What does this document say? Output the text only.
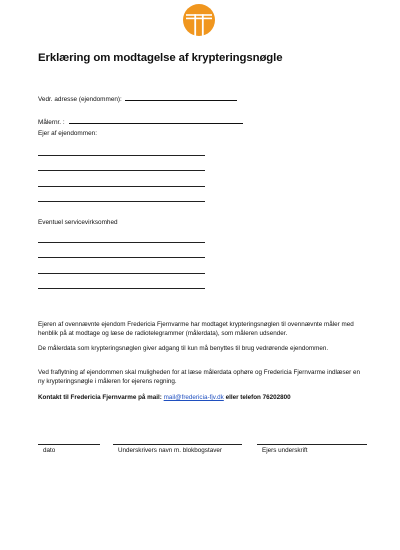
Erklæring om modtagelse af krypteringsnøgle
Vedr. adresse (ejendommen):
Målernr. :
Ejer af ejendommen:
Eventuel servicevirksomhed

Ejeren af ovennævnte ejendom Fredericia Fjernvarme har modtaget krypteringsnøglen til ovennævnte måler med henblik på at modtage og læse de radiotelegrammer (målerdata), som måleren udsender.

De målerdata som krypteringsnøglen giver adgang til kun må benyttes til brug vedrørende ejendommen.

Ved fraflytning af ejendommen skal muligheden for at læse målerdata ophøre og Fredericia Fjernvarme indlæser en ny krypteringsnøgle i måleren for ejerens regning.

Kontakt til Fredericia Fjernvarme på mail: mail@fredericia-fjv.dk eller telefon 76202800
dato	Underskrivers navn m. blokbogstaver	Ejers underskrift
